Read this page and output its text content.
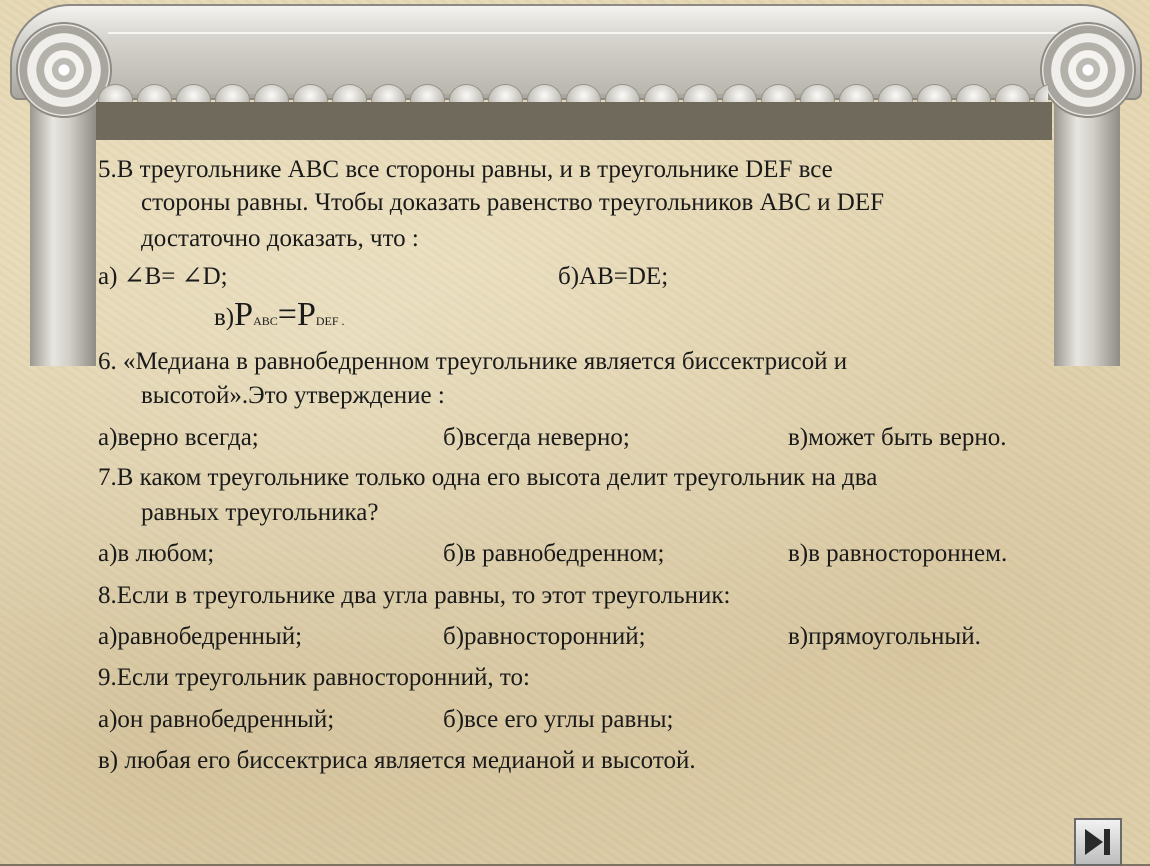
5.В треугольнике АВС все стороны равны, и в треугольнике DEF все
стороны равны. Чтобы доказать равенство треугольников АВС и DEF
достаточно доказать, что :
а) ∠B= ∠D;	б)АВ=DE;
в)PABC=PDEF .
6. «Медиана в равнобедренном треугольнике является биссектрисой и
высотой».Это утверждение :
а)верно всегда;	б)всегда неверно;	в)может быть верно.
7.В каком треугольнике только одна его высота делит треугольник на два
равных треугольника?
а)в любом;	б)в равнобедренном;	в)в равностороннем.
8.Если в треугольнике два угла равны, то этот треугольник:
а)равнобедренный;	б)равносторонний;	в)прямоугольный.
9.Если треугольник равносторонний, то:
а)он равнобедренный;	б)все его углы равны;
в) любая его биссектриса является медианой и высотой.
